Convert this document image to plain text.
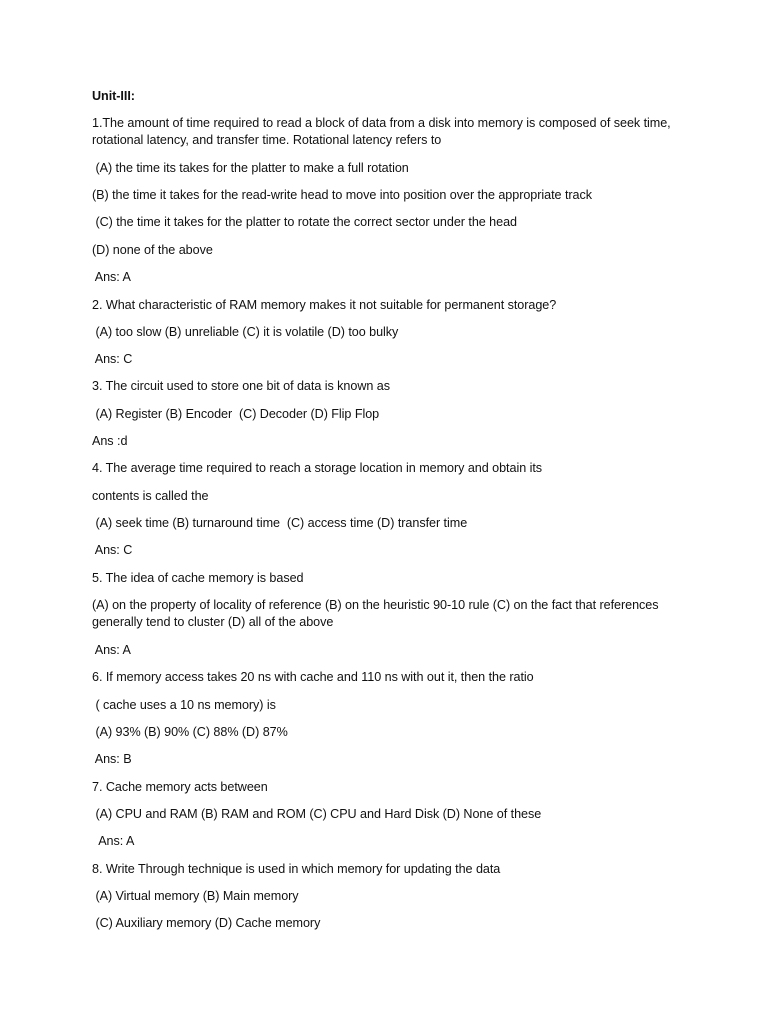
Unit-III:
1.The amount of time required to read a block of data from a disk into memory is composed of seek time, rotational latency, and transfer time. Rotational latency refers to
(A) the time its takes for the platter to make a full rotation
(B) the time it takes for the read-write head to move into position over the appropriate track
(C) the time it takes for the platter to rotate the correct sector under the head
(D) none of the above
Ans: A
2. What characteristic of RAM memory makes it not suitable for permanent storage?
(A) too slow (B) unreliable (C) it is volatile (D) too bulky
Ans: C
3. The circuit used to store one bit of data is known as
(A) Register (B) Encoder  (C) Decoder (D) Flip Flop
Ans :d
4. The average time required to reach a storage location in memory and obtain its
contents is called the
(A) seek time (B) turnaround time  (C) access time (D) transfer time
Ans: C
5. The idea of cache memory is based
(A) on the property of locality of reference (B) on the heuristic 90-10 rule (C) on the fact that references generally tend to cluster (D) all of the above
Ans: A
6. If memory access takes 20 ns with cache and 110 ns with out it, then the ratio
( cache uses a 10 ns memory) is
(A) 93% (B) 90% (C) 88% (D) 87%
Ans: B
7. Cache memory acts between
(A) CPU and RAM (B) RAM and ROM (C) CPU and Hard Disk (D) None of these
Ans: A
8. Write Through technique is used in which memory for updating the data
(A) Virtual memory (B) Main memory
(C) Auxiliary memory (D) Cache memory
